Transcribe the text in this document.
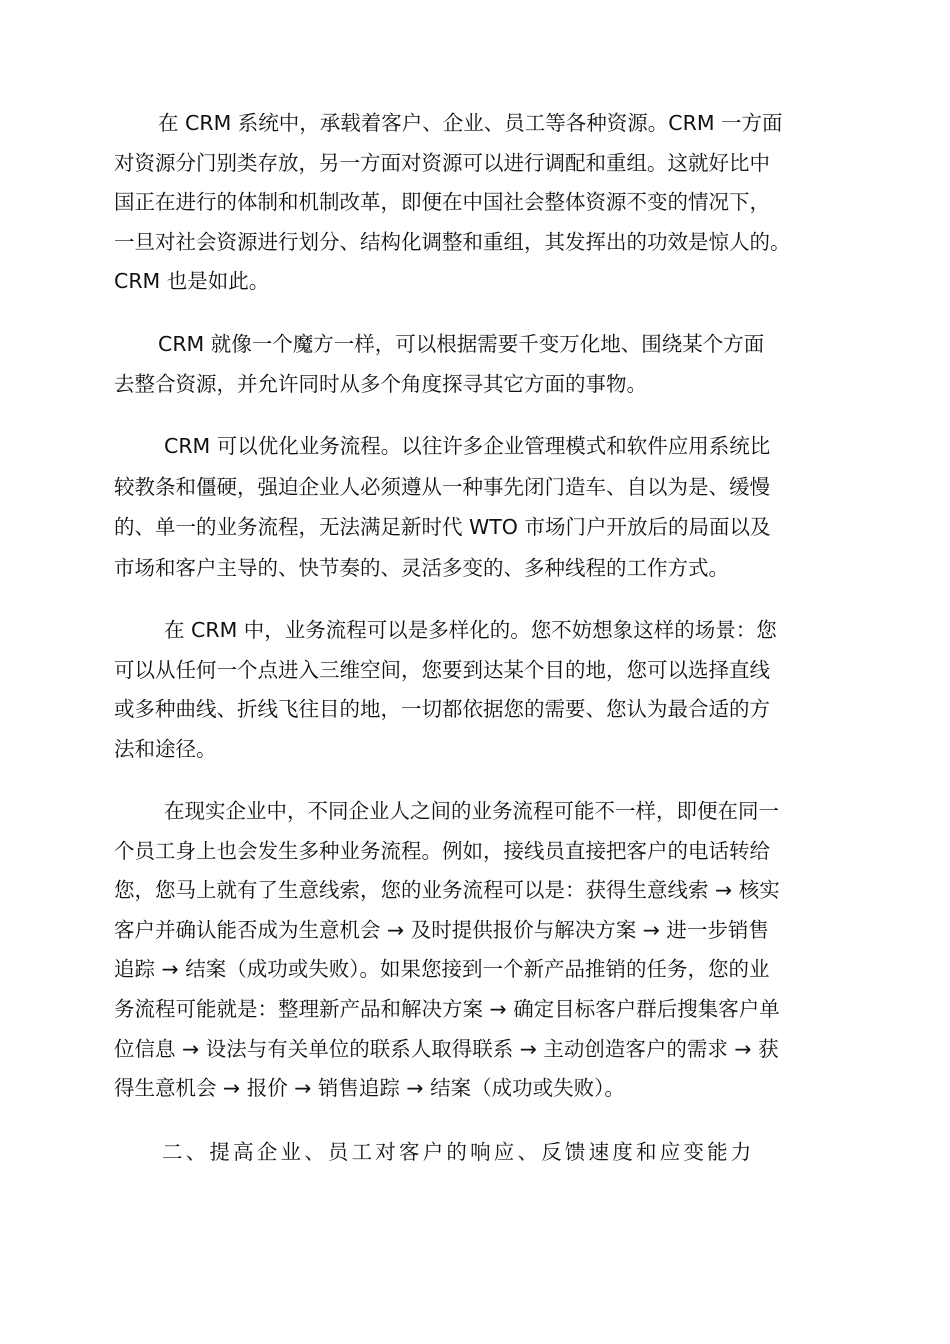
在 CRM 系统中，承载着客户、企业、员工等各种资源。CRM 一方面
对资源分门别类存放，另一方面对资源可以进行调配和重组。这就好比中
国正在进行的体制和机制改革，即便在中国社会整体资源不变的情况下，
一旦对社会资源进行划分、结构化调整和重组，其发挥出的功效是惊人的。
CRM 也是如此。
CRM 就像一个魔方一样，可以根据需要千变万化地、围绕某个方面
去整合资源，并允许同时从多个角度探寻其它方面的事物。
CRM 可以优化业务流程。以往许多企业管理模式和软件应用系统比
较教条和僵硬，强迫企业人必须遵从一种事先闭门造车、自以为是、缓慢
的、单一的业务流程，无法满足新时代 WTO 市场门户开放后的局面以及
市场和客户主导的、快节奏的、灵活多变的、多种线程的工作方式。
在 CRM 中，业务流程可以是多样化的。您不妨想象这样的场景：您
可以从任何一个点进入三维空间，您要到达某个目的地，您可以选择直线
或多种曲线、折线飞往目的地，一切都依据您的需要、您认为最合适的方
法和途径。
在现实企业中，不同企业人之间的业务流程可能不一样，即便在同一
个员工身上也会发生多种业务流程。例如，接线员直接把客户的电话转给
您，您马上就有了生意线索，您的业务流程可以是：获得生意线索 → 核实
客户并确认能否成为生意机会 → 及时提供报价与解决方案 → 进一步销售
追踪 → 结案（成功或失败）。如果您接到一个新产品推销的任务，您的业
务流程可能就是：整理新产品和解决方案 → 确定目标客户群后搜集客户单
位信息 → 设法与有关单位的联系人取得联系 → 主动创造客户的需求 → 获
得生意机会 → 报价 → 销售追踪 → 结案（成功或失败）。
二、提高企业、员工对客户的响应、反馈速度和应变能力
